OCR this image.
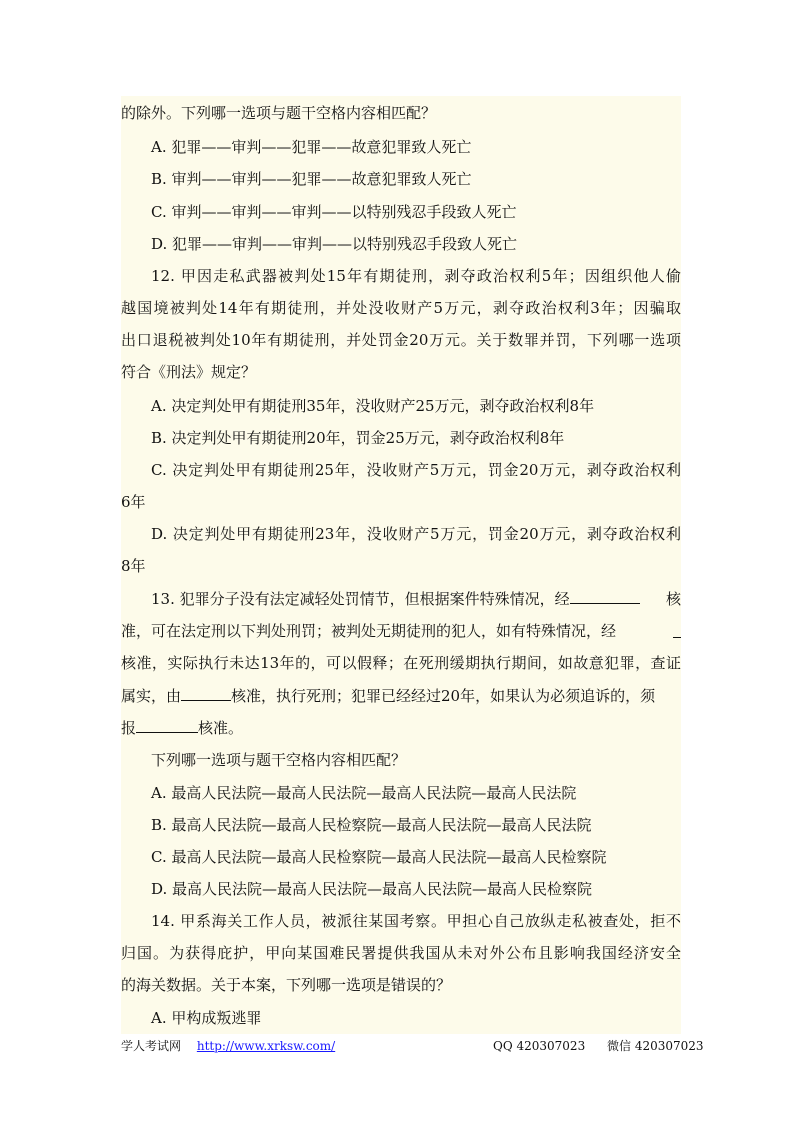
的除外。下列哪一选项与题干空格内容相匹配？
A. 犯罪——审判——犯罪——故意犯罪致人死亡
B. 审判——审判——犯罪——故意犯罪致人死亡
C. 审判——审判——审判——以特别残忍手段致人死亡
D. 犯罪——审判——审判——以特别残忍手段致人死亡
12. 甲因走私武器被判处15年有期徒刑，剥夺政治权利5年；因组织他人偷
越国境被判处14年有期徒刑，并处没收财产5万元，剥夺政治权利3年；因骗取
出口退税被判处10年有期徒刑，并处罚金20万元。关于数罪并罚，下列哪一选项
符合《刑法》规定？
A. 决定判处甲有期徒刑35年，没收财产25万元，剥夺政治权利8年
B. 决定判处甲有期徒刑20年，罚金25万元，剥夺政治权利8年
C. 决定判处甲有期徒刑25年，没收财产5万元，罚金20万元，剥夺政治权利
6年
D. 决定判处甲有期徒刑23年，没收财产5万元，罚金20万元，剥夺政治权利
8年
13. 犯罪分子没有法定减轻处罚情节，但根据案件特殊情况，经	核
准，可在法定刑以下判处刑罚；被判处无期徒刑的犯人，如有特殊情况，经
核准，实际执行未达13年的，可以假释；在死刑缓期执行期间，如故意犯罪，查证
属实，由	核准，执行死刑；犯罪已经经过20年，如果认为必须追诉的，须
报	核准。
下列哪一选项与题干空格内容相匹配？
A. 最高人民法院—最高人民法院—最高人民法院—最高人民法院
B. 最高人民法院—最高人民检察院—最高人民法院—最高人民法院
C. 最高人民法院—最高人民检察院—最高人民法院—最高人民检察院
D. 最高人民法院—最高人民法院—最高人民法院—最高人民检察院
14. 甲系海关工作人员，被派往某国考察。甲担心自己放纵走私被查处，拒不
归国。为获得庇护，甲向某国难民署提供我国从未对外公布且影响我国经济安全
的海关数据。关于本案，下列哪一选项是错误的？
A. 甲构成叛逃罪
学人考试网 http://www.xrksw.com/	QQ 420307023 微信 420307023
